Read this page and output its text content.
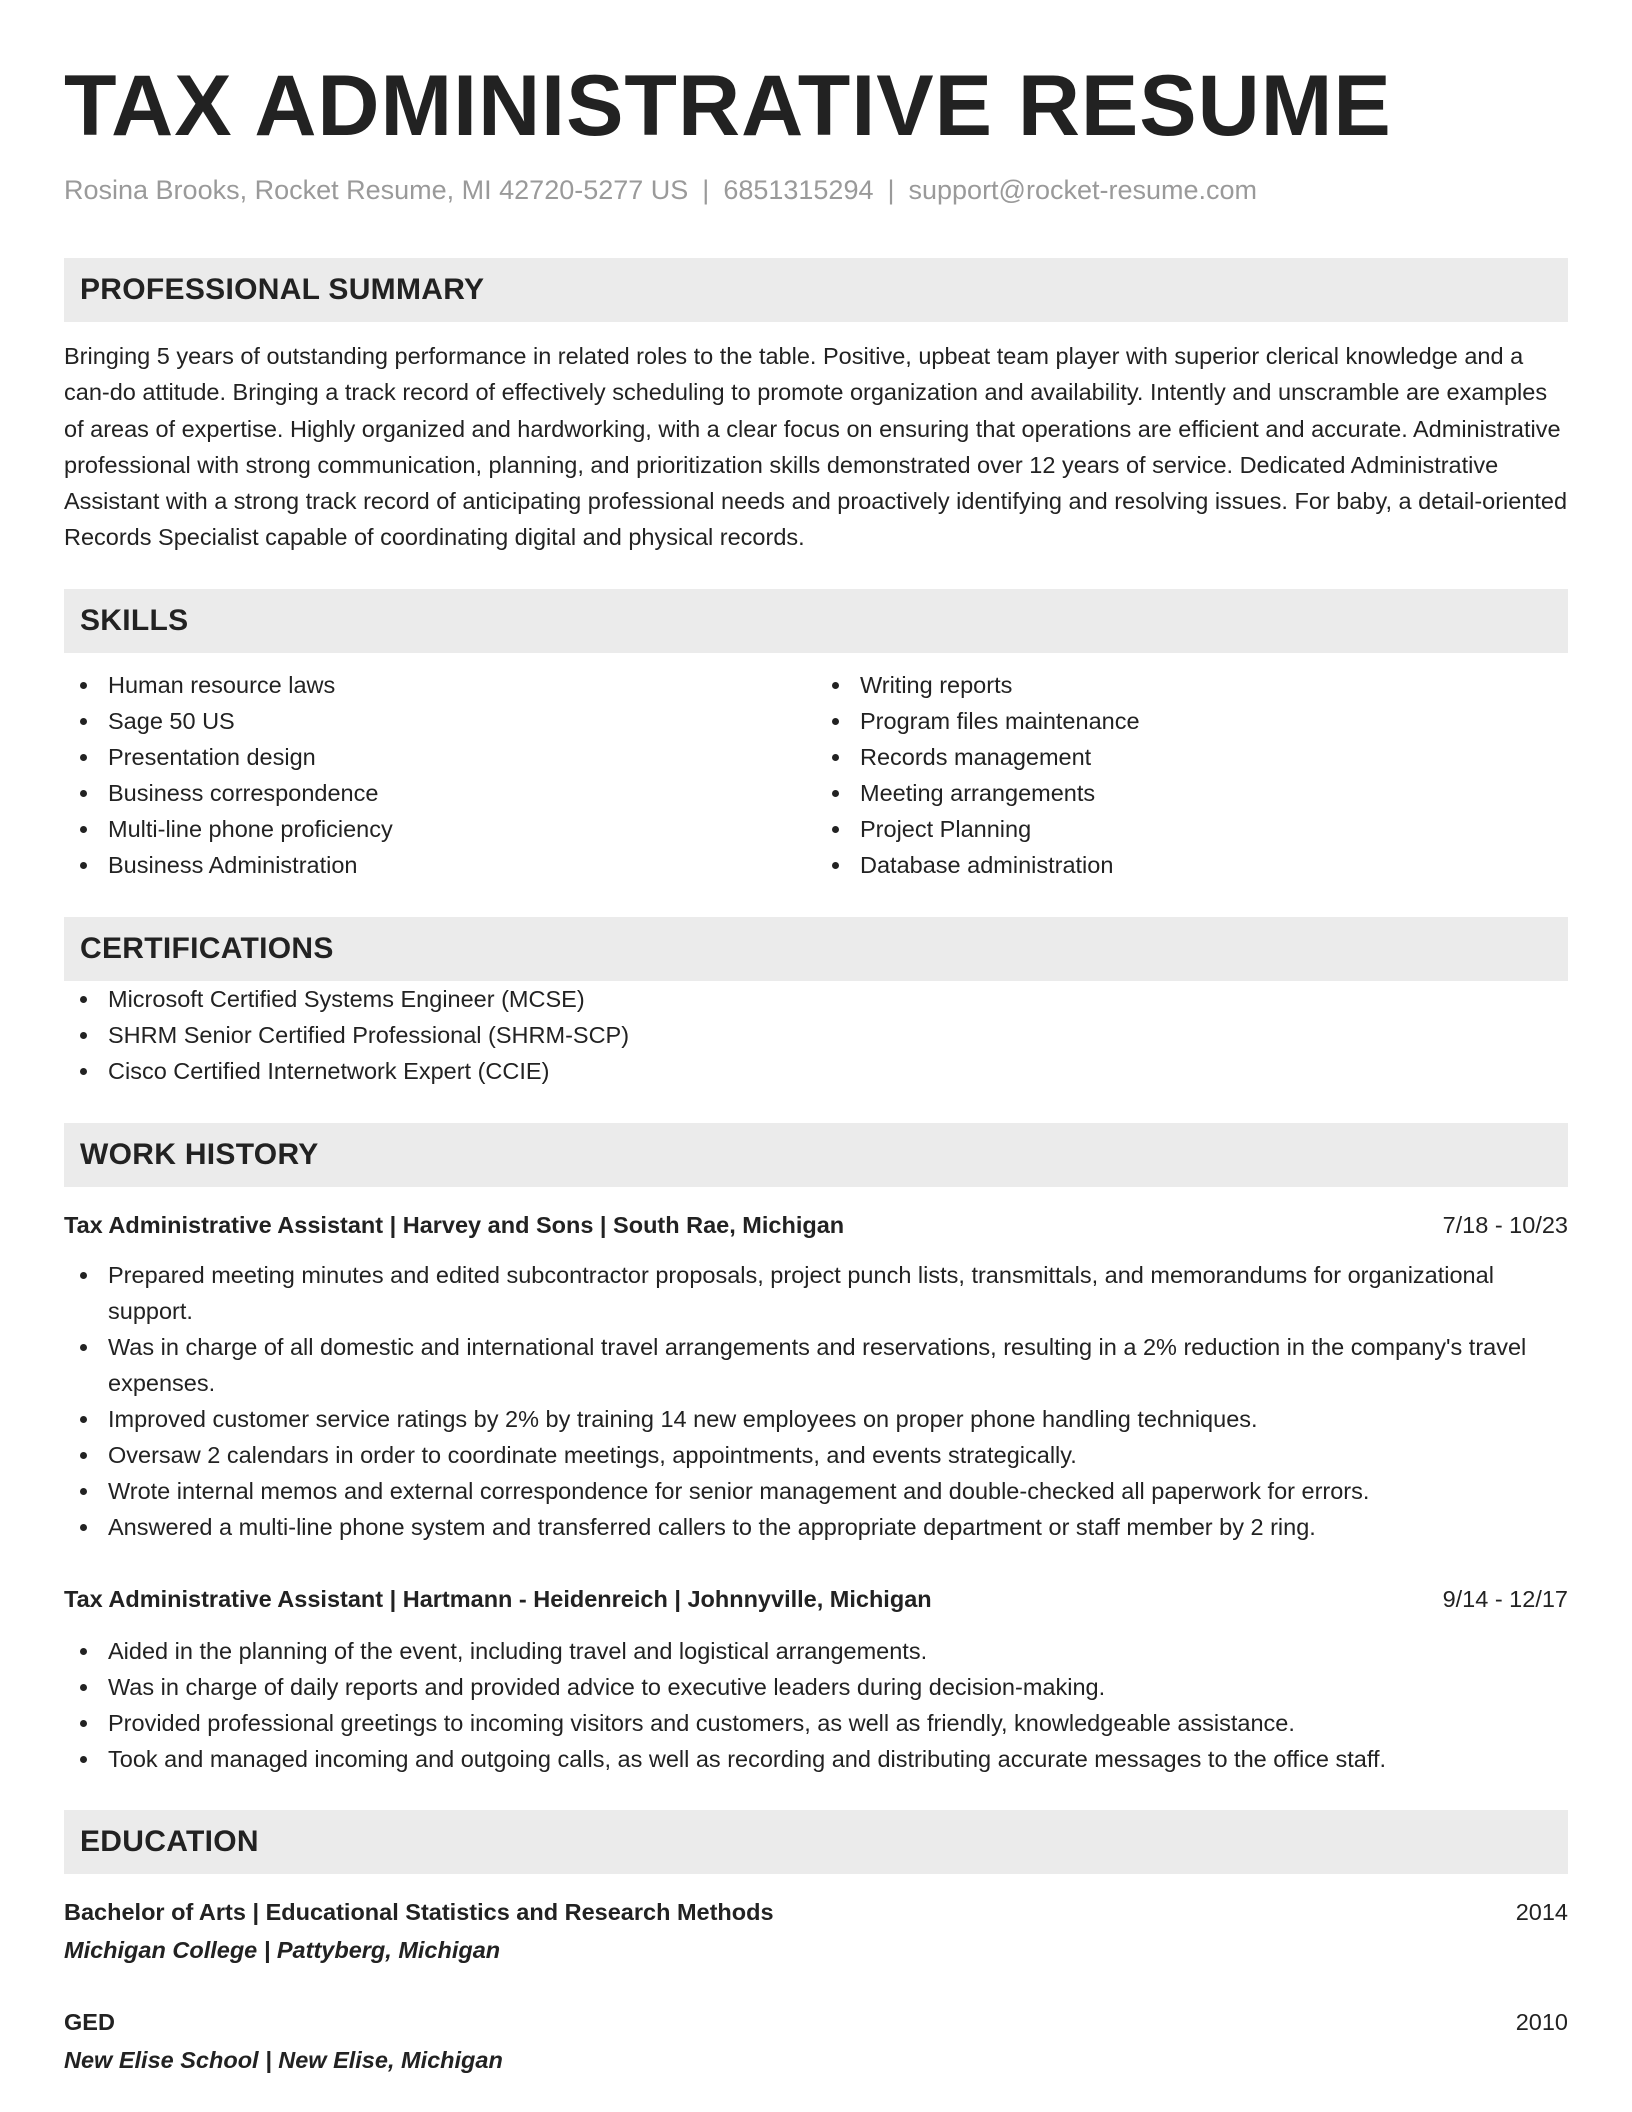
TAX ADMINISTRATIVE RESUME
Rosina Brooks, Rocket Resume, MI 42720-5277 US | 6851315294 | support@rocket-resume.com
PROFESSIONAL SUMMARY
Bringing 5 years of outstanding performance in related roles to the table. Positive, upbeat team player with superior clerical knowledge and a can-do attitude. Bringing a track record of effectively scheduling to promote organization and availability. Intently and unscramble are examples of areas of expertise. Highly organized and hardworking, with a clear focus on ensuring that operations are efficient and accurate. Administrative professional with strong communication, planning, and prioritization skills demonstrated over 12 years of service. Dedicated Administrative Assistant with a strong track record of anticipating professional needs and proactively identifying and resolving issues. For baby, a detail-oriented Records Specialist capable of coordinating digital and physical records.
SKILLS
Human resource laws
Sage 50 US
Presentation design
Business correspondence
Multi-line phone proficiency
Business Administration
Writing reports
Program files maintenance
Records management
Meeting arrangements
Project Planning
Database administration
CERTIFICATIONS
Microsoft Certified Systems Engineer (MCSE)
SHRM Senior Certified Professional (SHRM-SCP)
Cisco Certified Internetwork Expert (CCIE)
WORK HISTORY
Tax Administrative Assistant | Harvey and Sons | South Rae, Michigan	7/18 - 10/23
Prepared meeting minutes and edited subcontractor proposals, project punch lists, transmittals, and memorandums for organizational support.
Was in charge of all domestic and international travel arrangements and reservations, resulting in a 2% reduction in the company's travel expenses.
Improved customer service ratings by 2% by training 14 new employees on proper phone handling techniques.
Oversaw 2 calendars in order to coordinate meetings, appointments, and events strategically.
Wrote internal memos and external correspondence for senior management and double-checked all paperwork for errors.
Answered a multi-line phone system and transferred callers to the appropriate department or staff member by 2 ring.
Tax Administrative Assistant | Hartmann - Heidenreich | Johnnyville, Michigan	9/14 - 12/17
Aided in the planning of the event, including travel and logistical arrangements.
Was in charge of daily reports and provided advice to executive leaders during decision-making.
Provided professional greetings to incoming visitors and customers, as well as friendly, knowledgeable assistance.
Took and managed incoming and outgoing calls, as well as recording and distributing accurate messages to the office staff.
EDUCATION
Bachelor of Arts | Educational Statistics and Research Methods	2014
Michigan College | Pattyberg, Michigan
GED	2010
New Elise School | New Elise, Michigan
